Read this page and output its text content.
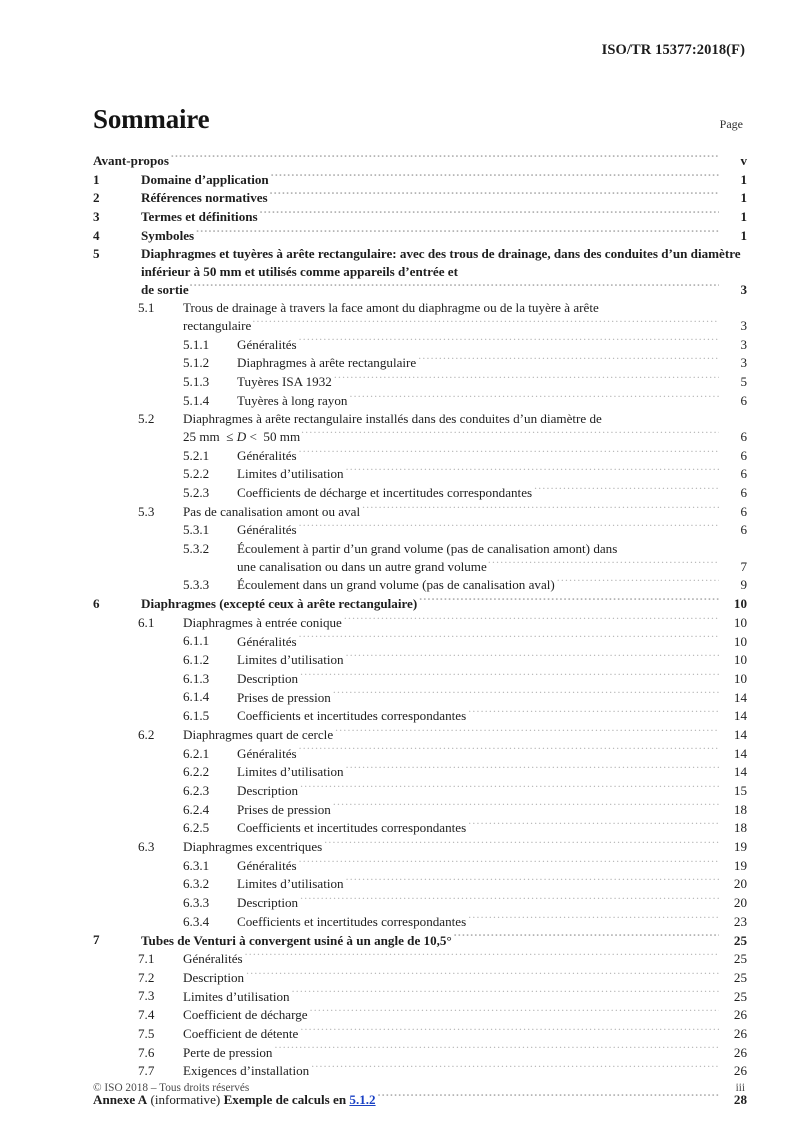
ISO/TR 15377:2018(F)
Sommaire	Page
Avant-propos .....	v
1	Domaine d’application .....	1
2	Références normatives .....	1
3	Termes et définitions .....	1
4	Symboles .....	1
5	Diaphragmes et tuyères à arête rectangulaire: avec des trous de drainage, dans des conduites d’un diamètre inférieur à 50 mm et utilisés comme appareils d’entrée et
de sortie .....	3
5.1	Trous de drainage à travers la face amont du diaphragme ou de la tuyère à arête
rectangulaire .....	3
5.1.1	Généralités .....	3
5.1.2	Diaphragmes à arête rectangulaire .....	3
5.1.3	Tuyères ISA 1932 .....	5
5.1.4	Tuyères à long rayon .....	6
5.2	Diaphragmes à arête rectangulaire installés dans des conduites d’un diamètre de
25 mm  ≤ D <  50 mm .....	6
5.2.1	Généralités .....	6
5.2.2	Limites d’utilisation .....	6
5.2.3	Coefficients de décharge et incertitudes correspondantes .....	6
5.3	Pas de canalisation amont ou aval .....	6
5.3.1	Généralités .....	6
5.3.2	Écoulement à partir d’un grand volume (pas de canalisation amont) dans
une canalisation ou dans un autre grand volume .....	7
5.3.3	Écoulement dans un grand volume (pas de canalisation aval) .....	9
6	Diaphragmes (excepté ceux à arête rectangulaire) .....	10
6.1	Diaphragmes à entrée conique .....	10
6.1.1	Généralités .....	10
6.1.2	Limites d’utilisation .....	10
6.1.3	Description .....	10
6.1.4	Prises de pression .....	14
6.1.5	Coefficients et incertitudes correspondantes .....	14
6.2	Diaphragmes quart de cercle .....	14
6.2.1	Généralités .....	14
6.2.2	Limites d’utilisation .....	14
6.2.3	Description .....	15
6.2.4	Prises de pression .....	18
6.2.5	Coefficients et incertitudes correspondantes .....	18
6.3	Diaphragmes excentriques .....	19
6.3.1	Généralités .....	19
6.3.2	Limites d’utilisation .....	20
6.3.3	Description .....	20
6.3.4	Coefficients et incertitudes correspondantes .....	23
7	Tubes de Venturi à convergent usiné à un angle de 10,5° .....	25
7.1	Généralités .....	25
7.2	Description .....	25
7.3	Limites d’utilisation .....	25
7.4	Coefficient de décharge .....	26
7.5	Coefficient de détente .....	26
7.6	Perte de pression .....	26
7.7	Exigences d’installation .....	26
Annexe A (informative) Exemple de calculs en 5.1.2 .....	28
© ISO 2018 – Tous droits réservés	iii
